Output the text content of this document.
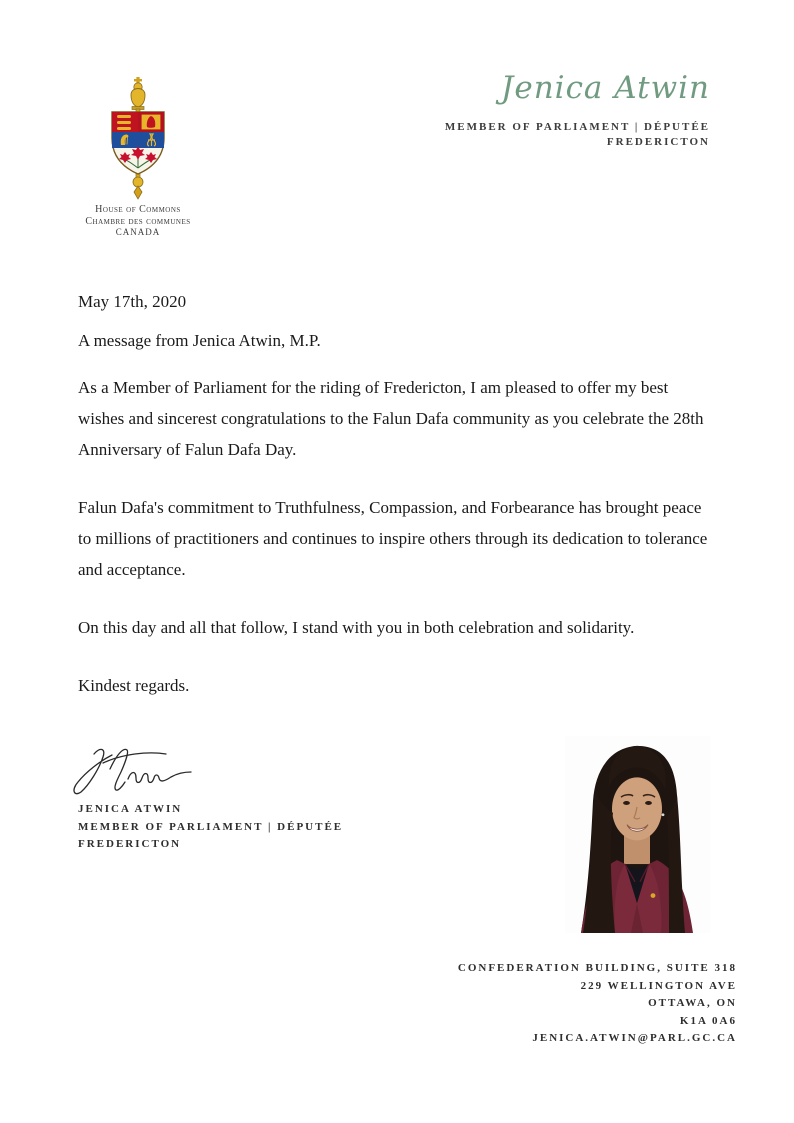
House of Commons
Chambre des communes
CANADA
Jenica Atwin
MEMBER OF PARLIAMENT | DÉPUTÉE
FREDERICTON
May 17th, 2020
A message from Jenica Atwin, M.P.

As a Member of Parliament for the riding of Fredericton, I am pleased to offer my best wishes and sincerest congratulations to the Falun Dafa community as you celebrate the 28th Anniversary of Falun Dafa Day.

Falun Dafa's commitment to Truthfulness, Compassion, and Forbearance has brought peace to millions of practitioners and continues to inspire others through its dedication to tolerance and acceptance.

On this day and all that follow, I stand with you in both celebration and solidarity.

Kindest regards.
JENICA ATWIN
MEMBER OF PARLIAMENT | DÉPUTÉE
FREDERICTON
CONFEDERATION BUILDING, SUITE 318
229 WELLINGTON AVE
OTTAWA, ON
K1A 0A6
JENICA.ATWIN@PARL.GC.CA
